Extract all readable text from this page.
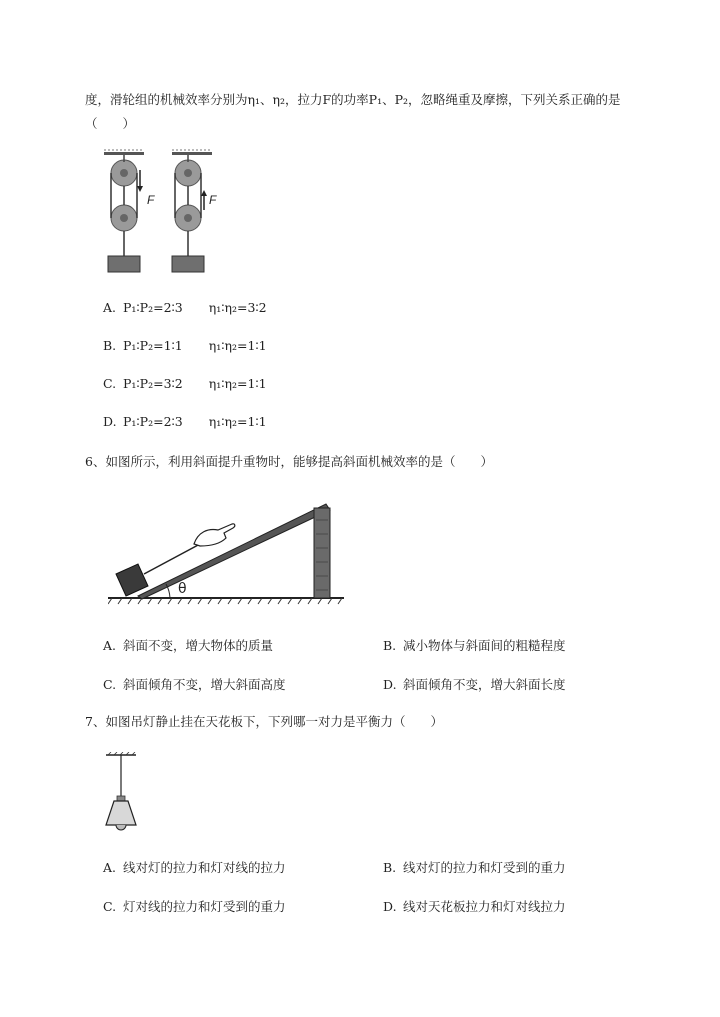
度，滑轮组的机械效率分别为η₁、η₂，拉力F的功率P₁、P₂，忽略绳重及摩擦，下列关系正确的是
（　　）
F	F
A. P₁∶P₂=2∶3 η₁∶η₂=3∶2
B. P₁∶P₂=1∶1 η₁∶η₂=1∶1
C. P₁∶P₂=3∶2 η₁∶η₂=1∶1
D. P₁∶P₂=2∶3 η₁∶η₂=1∶1
6、如图所示，利用斜面提升重物时，能够提高斜面机械效率的是（　　）
θ
A. 斜面不变，增大物体的质量	B. 减小物体与斜面间的粗糙程度
C. 斜面倾角不变，增大斜面高度	D. 斜面倾角不变，增大斜面长度
7、如图吊灯静止挂在天花板下，下列哪一对力是平衡力（　　）
A. 线对灯的拉力和灯对线的拉力	B. 线对灯的拉力和灯受到的重力
C. 灯对线的拉力和灯受到的重力	D. 线对天花板拉力和灯对线拉力
